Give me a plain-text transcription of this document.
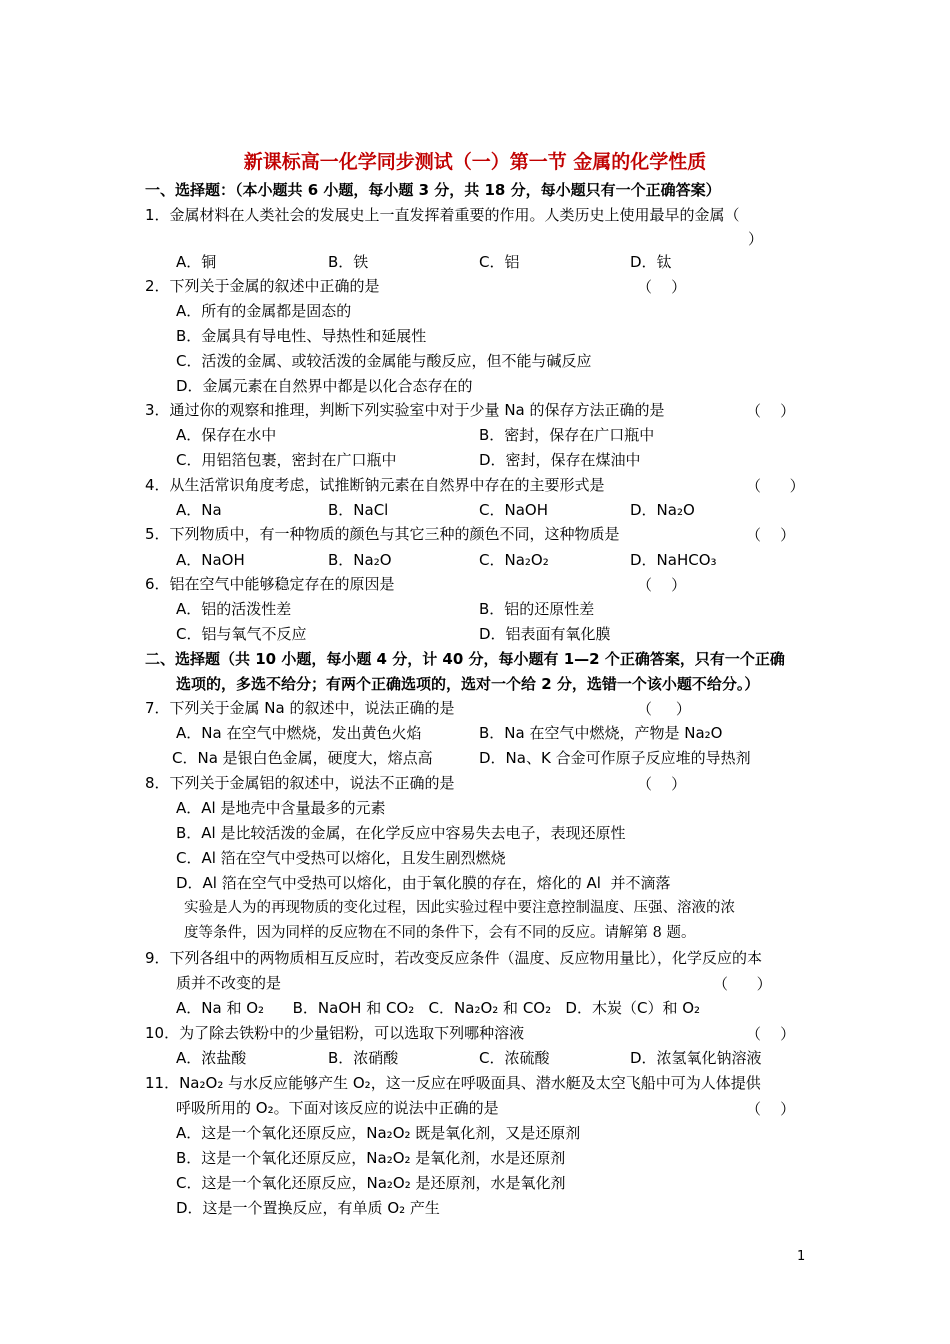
新课标高一化学同步测试（一）第一节 金属的化学性质
一、选择题：（本小题共 6 小题，每小题 3 分，共 18 分，每小题只有一个正确答案）
1．金属材料在人类社会的发展史上一直发挥着重要的作用。人类历史上使用最早的金属（
）
A．铜	B．铁	C．铝	D．钛
2．下列关于金属的叙述中正确的是	（    ）
A．所有的金属都是固态的
B．金属具有导电性、导热性和延展性
C．活泼的金属、或较活泼的金属能与酸反应，但不能与碱反应
D．金属元素在自然界中都是以化合态存在的
3．通过你的观察和推理，判断下列实验室中对于少量 Na 的保存方法正确的是	（    ）
A．保存在水中	B．密封，保存在广口瓶中
C．用铝箔包裹，密封在广口瓶中	D．密封，保存在煤油中
4．从生活常识角度考虑，试推断钠元素在自然界中存在的主要形式是	（      ）
A．Na	B．NaCl	C．NaOH	D．Na₂O
5．下列物质中，有一种物质的颜色与其它三种的颜色不同，这种物质是	（    ）
A．NaOH	B．Na₂O	C．Na₂O₂	D．NaHCO₃
6．铝在空气中能够稳定存在的原因是	（    ）
A．铝的活泼性差	B．铝的还原性差
C．铝与氧气不反应	D．铝表面有氧化膜
二、选择题（共 10 小题，每小题 4 分，计 40 分，每小题有 1—2 个正确答案，只有一个正确
选项的，多选不给分；有两个正确选项的，选对一个给 2 分，选错一个该小题不给分。）
7．下列关于金属 Na 的叙述中，说法正确的是	（     ）
A．Na 在空气中燃烧，发出黄色火焰	B．Na 在空气中燃烧，产物是 Na₂O
C．Na 是银白色金属，硬度大，熔点高	D．Na、K 合金可作原子反应堆的导热剂
8．下列关于金属铝的叙述中，说法不正确的是	（    ）
A．Al 是地壳中含量最多的元素
B．Al 是比较活泼的金属，在化学反应中容易失去电子，表现还原性
C．Al 箔在空气中受热可以熔化，且发生剧烈燃烧
D．Al 箔在空气中受热可以熔化，由于氧化膜的存在，熔化的 Al  并不滴落
实验是人为的再现物质的变化过程，因此实验过程中要注意控制温度、压强、溶液的浓
度等条件，因为同样的反应物在不同的条件下，会有不同的反应。请解第 8 题。
9．下列各组中的两物质相互反应时，若改变反应条件（温度、反应物用量比），化学反应的本
质并不改变的是	（      ）
A．Na 和 O₂      B．NaOH 和 CO₂   C．Na₂O₂ 和 CO₂   D．木炭（C）和 O₂
10．为了除去铁粉中的少量铝粉，可以选取下列哪种溶液	（    ）
A．浓盐酸	B．浓硝酸	C．浓硫酸	D．浓氢氧化钠溶液
11．Na₂O₂ 与水反应能够产生 O₂，这一反应在呼吸面具、潜水艇及太空飞船中可为人体提供
呼吸所用的 O₂。下面对该反应的说法中正确的是	（    ）
A．这是一个氧化还原反应，Na₂O₂ 既是氧化剂，又是还原剂
B．这是一个氧化还原反应，Na₂O₂ 是氧化剂，水是还原剂
C．这是一个氧化还原反应，Na₂O₂ 是还原剂，水是氧化剂
D．这是一个置换反应，有单质 O₂ 产生
1
